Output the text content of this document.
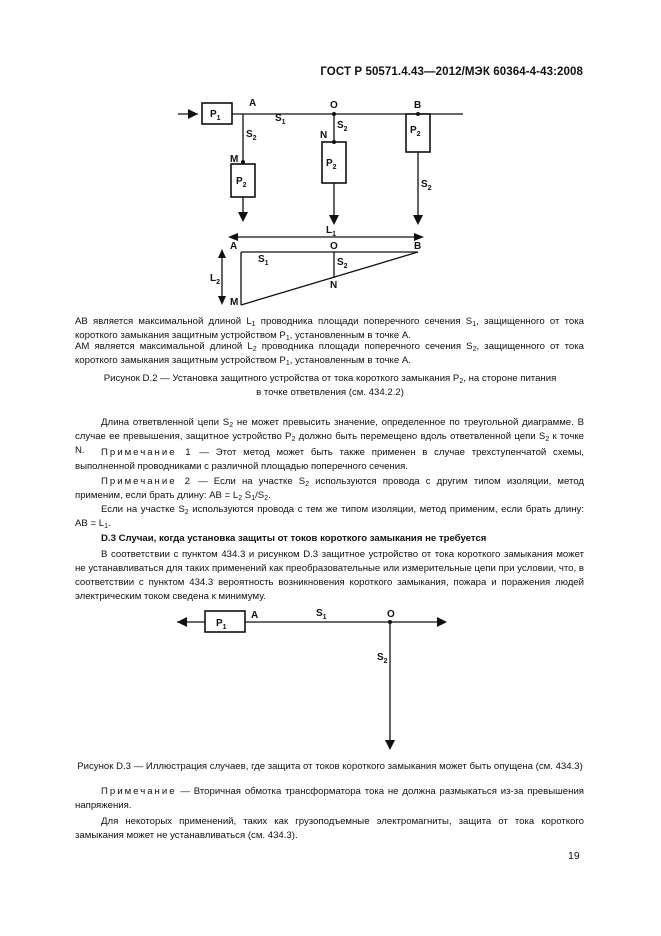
ГОСТ Р 50571.4.43—2012/МЭК 60364-4-43:2008
A	O	B
M
N
$P_1$	$S_1$
$S_2$
$S_2$
$P_2$
$P_2$
$P_2$
$S_2$
$L_1$
A	O	B
$S_1$	$S_2$
$L_2$	N
M
AB является максимальной длиной $L_1$ проводника площади поперечного сечения $S_1$, защищенного от тока короткого замыкания защитным устройством $P_1$, установленным в точке A.
AM является максимальной длиной $L_2$ проводника площади поперечного сечения $S_2$, защищенного от тока короткого замыкания защитным устройством $P_1$, установленным в точке A.
Рисунок D.2 — Установка защитного устройства от тока короткого замыкания $P_2$, на стороне питания
в точке ответвления (см. 434.2.2)
Длина ответвленной цепи $S_2$ не может превысить значение, определенное по треугольной диаграмме. В случае ее превышения, защитное устройство $P_2$ должно быть перемещено вдоль ответвленной цепи $S_2$ к точке N.	Примечание 1 — Этот метод может быть также применен в случае трехступенчатой схемы, выполненной проводниками с различной площадью поперечного сечения.
Примечание 2 — Если на участке $S_2$ используются провода с другим типом изоляции, метод применим, если брать длину: AB = $L_2$ $S_1/S_2$.
Если на участке $S_2$ используются провода с тем же типом изоляции, метод применим, если брать длину: AB = $L_1$.
D.3 Случаи, когда установка защиты от токов короткого замыкания не требуется
В соответствии с пунктом 434.3 и рисунком D.3 защитное устройство от тока короткого замыкания может не устанавливаться для таких применений как преобразовательные или измерительные цепи при условии, что, в соответствии с пунктом 434.3 вероятность возникновения короткого замыкания, пожара и поражения людей электрическим током сведена к минимуму.
A	O
$P_1$
$S_1$
$S_2$
Рисунок D.3 — Иллюстрация случаев, где защита от токов короткого замыкания может быть опущена (см. 434.3)
Примечание — Вторичная обмотка трансформатора тока не должна размыкаться из-за превышения напряжения.
Для некоторых применений, таких как грузоподъемные электромагниты, защита от тока короткого замыкания может не устанавливаться (см. 434.3).
19
